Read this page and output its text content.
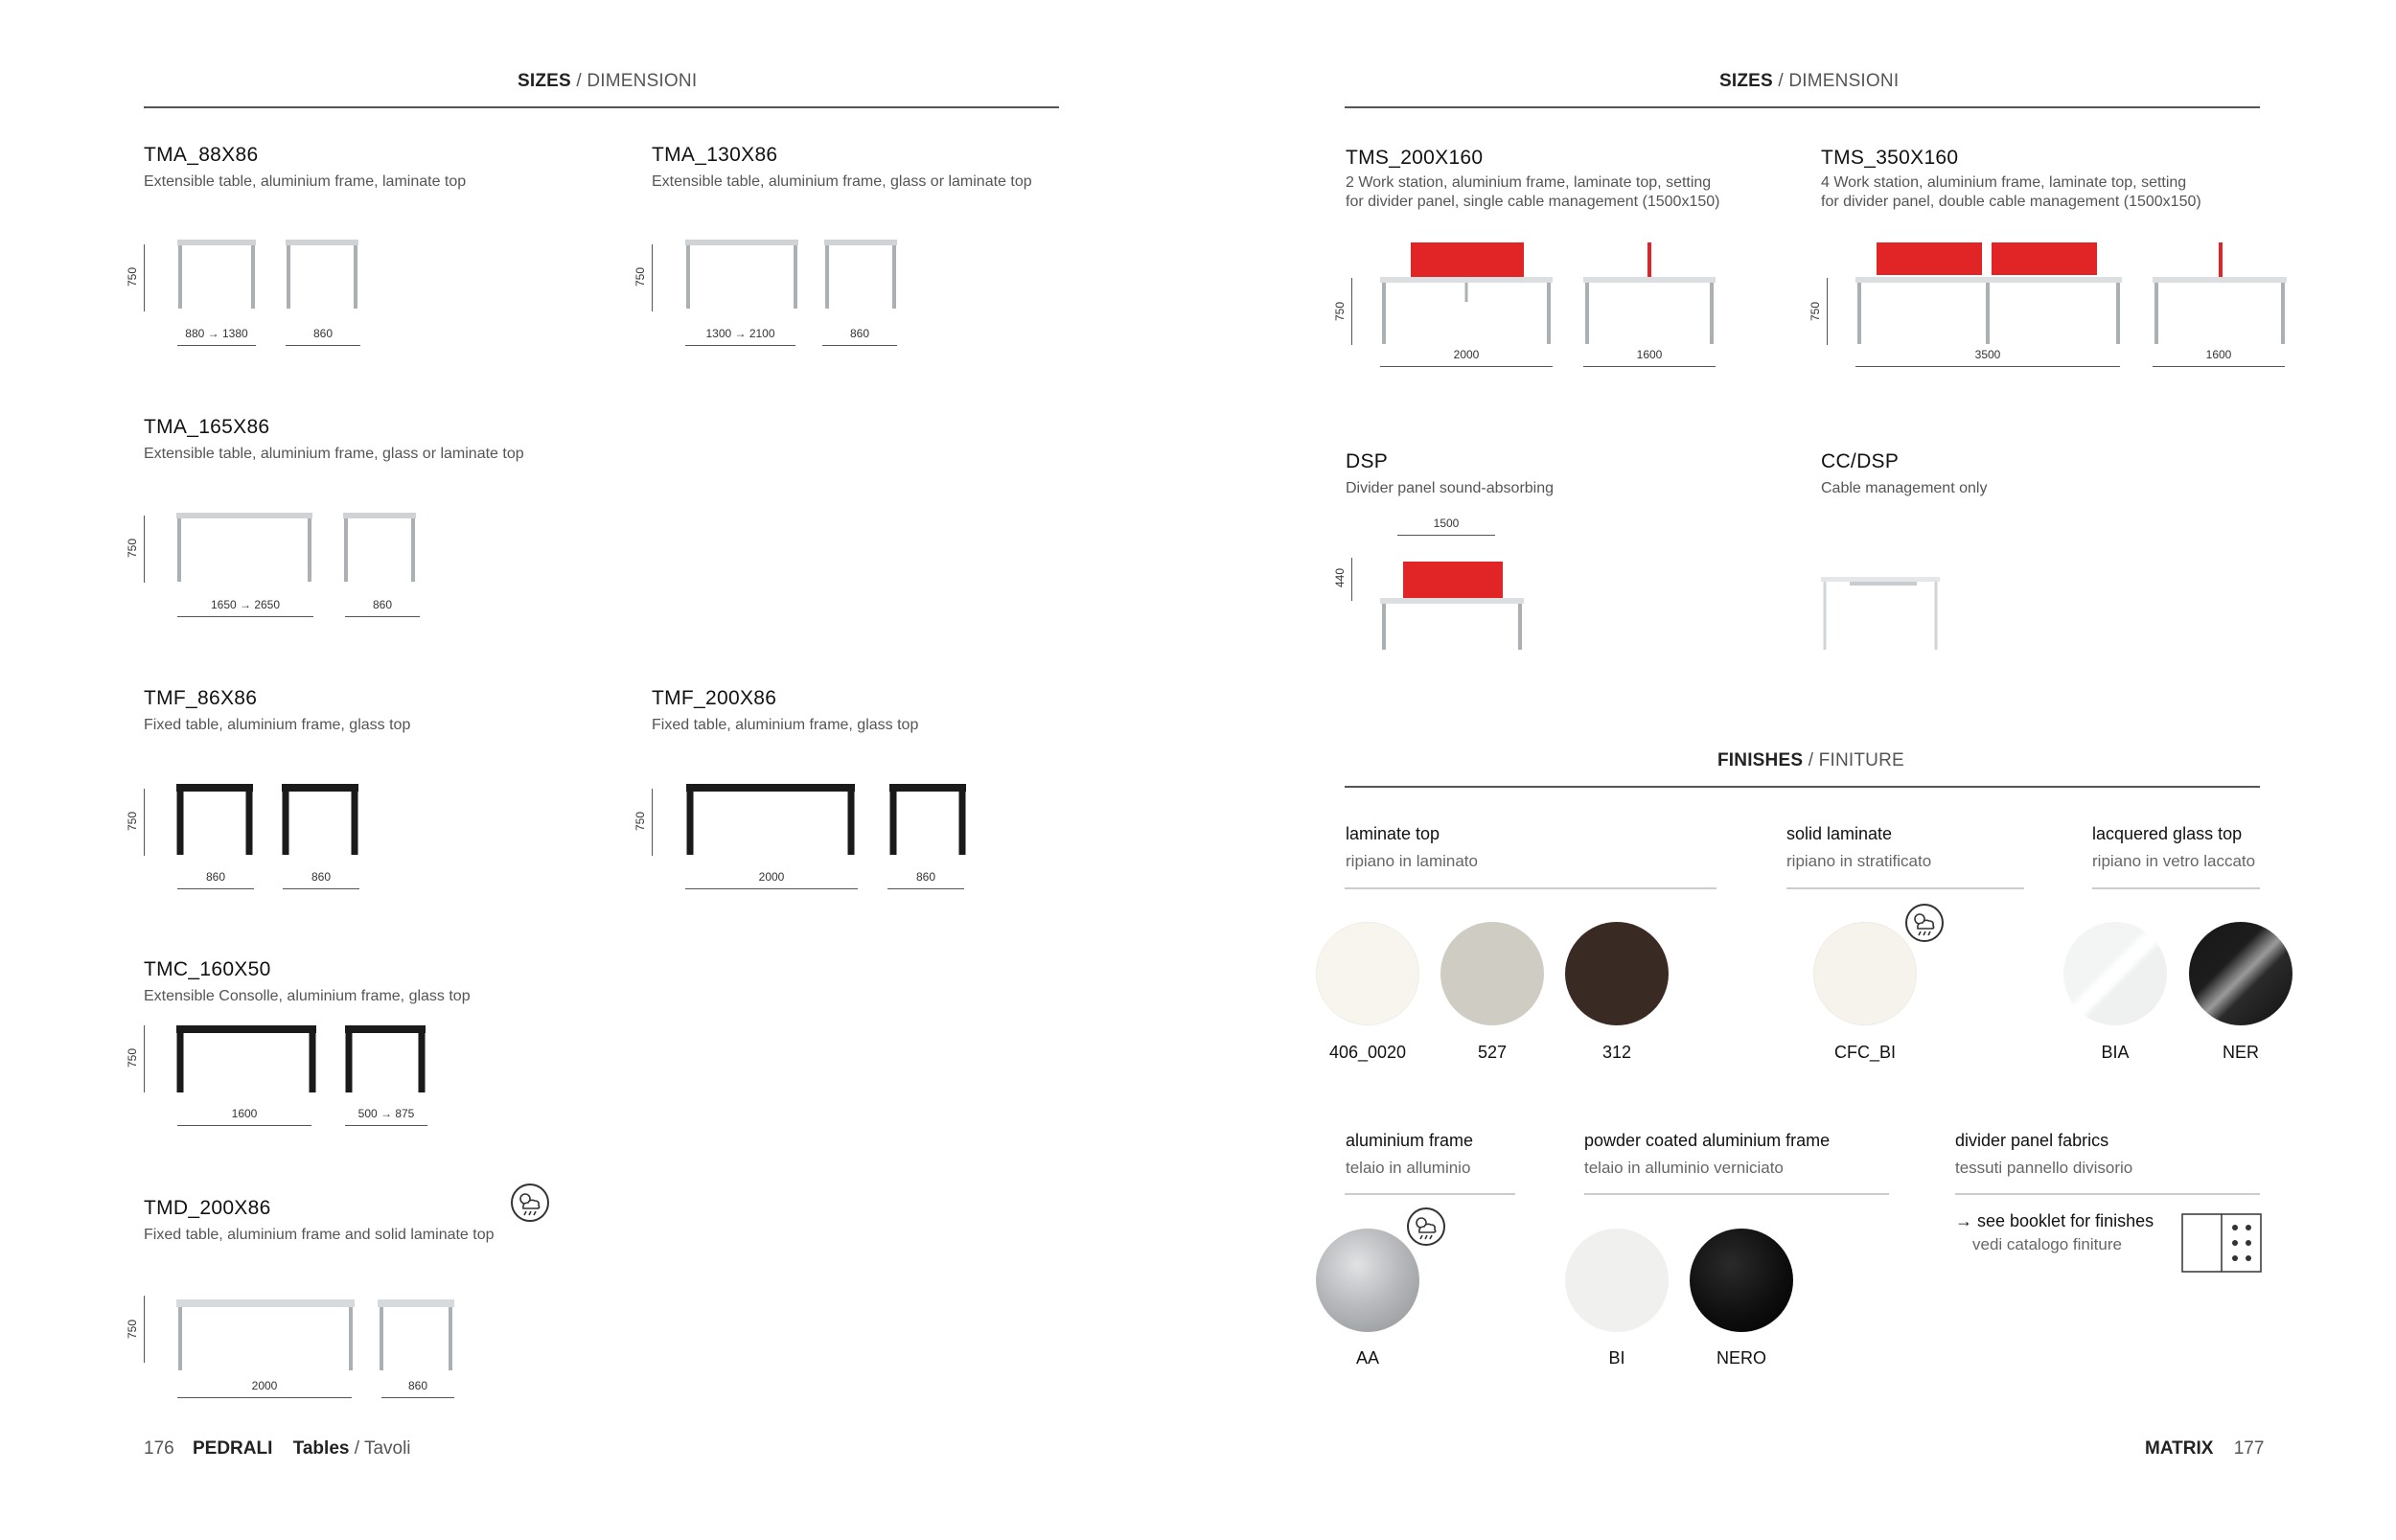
SIZES / DIMENSIONI
TMA_88X86
Extensible table, aluminium frame, laminate top
750
880 → 1380	860
TMA_130X86
Extensible table, aluminium frame, glass or laminate top
750
1300 → 2100	860
TMA_165X86
Extensible table, aluminium frame, glass or laminate top
750
1650 → 2650	860
TMF_86X86
Fixed table, aluminium frame, glass top
750
860	860
TMF_200X86
Fixed table, aluminium frame, glass top
750
2000	860
TMC_160X50
Extensible Consolle, aluminium frame, glass top
750
1600	500 → 875
TMD_200X86
Fixed table, aluminium frame and solid laminate top
750
2000	860
176 PEDRALI Tables / Tavoli
SIZES / DIMENSIONI
TMS_200X160
2 Work station, aluminium frame, laminate top, setting
for divider panel, single cable management (1500x150)
750
2000	1600
TMS_350X160
4 Work station, aluminium frame, laminate top, setting
for divider panel, double cable management (1500x150)
750
3500	1600
DSP
Divider panel sound-absorbing
1500
440
CC/DSP
Cable management only
FINISHES / FINITURE
laminate top
ripiano in laminato
406_0020	527	312
solid laminate
ripiano in stratificato
CFC_BI
lacquered glass top
ripiano in vetro laccato
BIA	NER
aluminium frame
telaio in alluminio
AA
powder coated aluminium frame
telaio in alluminio verniciato
BI	NERO
divider panel fabrics
tessuti pannello divisorio
→ see booklet for finishes
vedi catalogo finiture
MATRIX 177
